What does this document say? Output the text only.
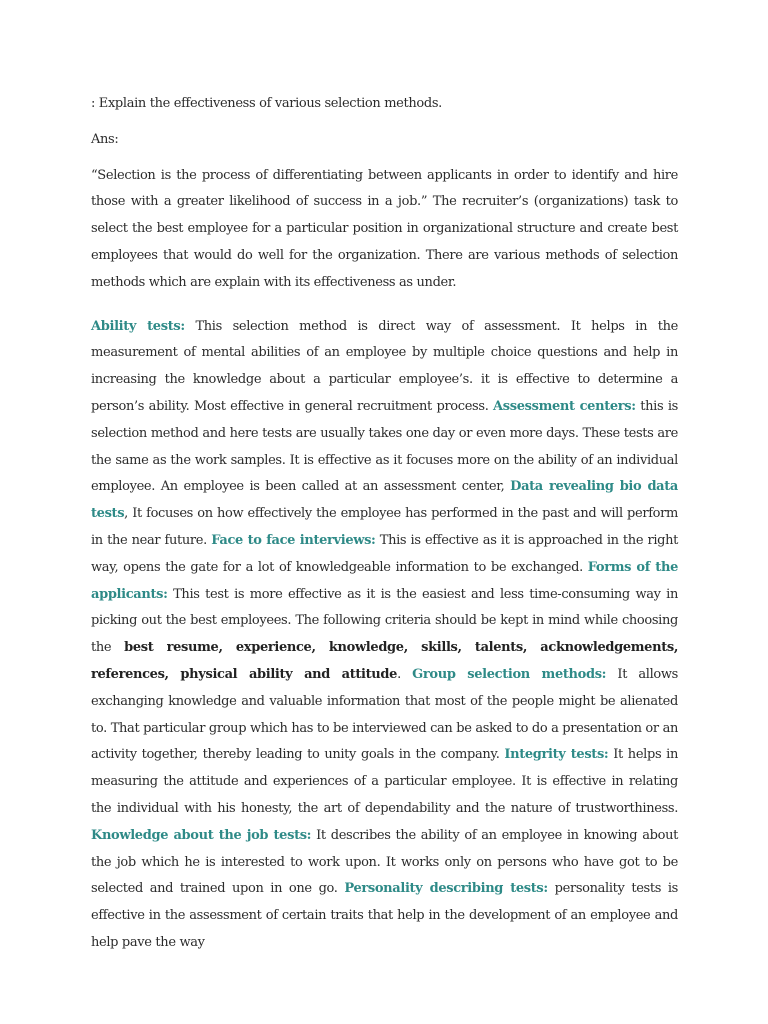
: Explain the effectiveness of various selection methods.

Ans:

“Selection is the process of differentiating between applicants in order to identify and hire those with a greater likelihood of success in a job.” The recruiter’s (organizations) task to select the best employee for a particular position in organizational structure and create best employees that would do well for the organization. There are various methods of selection methods which are explain with its effectiveness as under.

Ability tests: This selection method is direct way of assessment. It helps in the measurement of mental abilities of an employee by multiple choice questions and help in increasing the knowledge about a particular employee’s. it is effective to determine a person’s ability. Most effective in general recruitment process. Assessment centers: this is selection method and here tests are usually takes one day or even more days. These tests are the same as the work samples. It is effective as it focuses more on the ability of an individual employee. An employee is been called at an assessment center, Data revealing bio data tests, It focuses on how effectively the employee has performed in the past and will perform in the near future. Face to face interviews: This is effective as it is approached in the right way, opens the gate for a lot of knowledgeable information to be exchanged. Forms of the applicants: This test is more effective as it is the easiest and less time-consuming way in picking out the best employees. The following criteria should be kept in mind while choosing the best resume, experience, knowledge, skills, talents, acknowledgements, references, physical ability and attitude. Group selection methods: It allows exchanging knowledge and valuable information that most of the people might be alienated to. That particular group which has to be interviewed can be asked to do a presentation or an activity together, thereby leading to unity goals in the company. Integrity tests: It helps in measuring the attitude and experiences of a particular employee. It is effective in relating the individual with his honesty, the art of dependability and the nature of trustworthiness. Knowledge about the job tests: It describes the ability of an employee in knowing about the job which he is interested to work upon. It works only on persons who have got to be selected and trained upon in one go. Personality describing tests: personality tests is effective in the assessment of certain traits that help in the development of an employee and help pave the way
